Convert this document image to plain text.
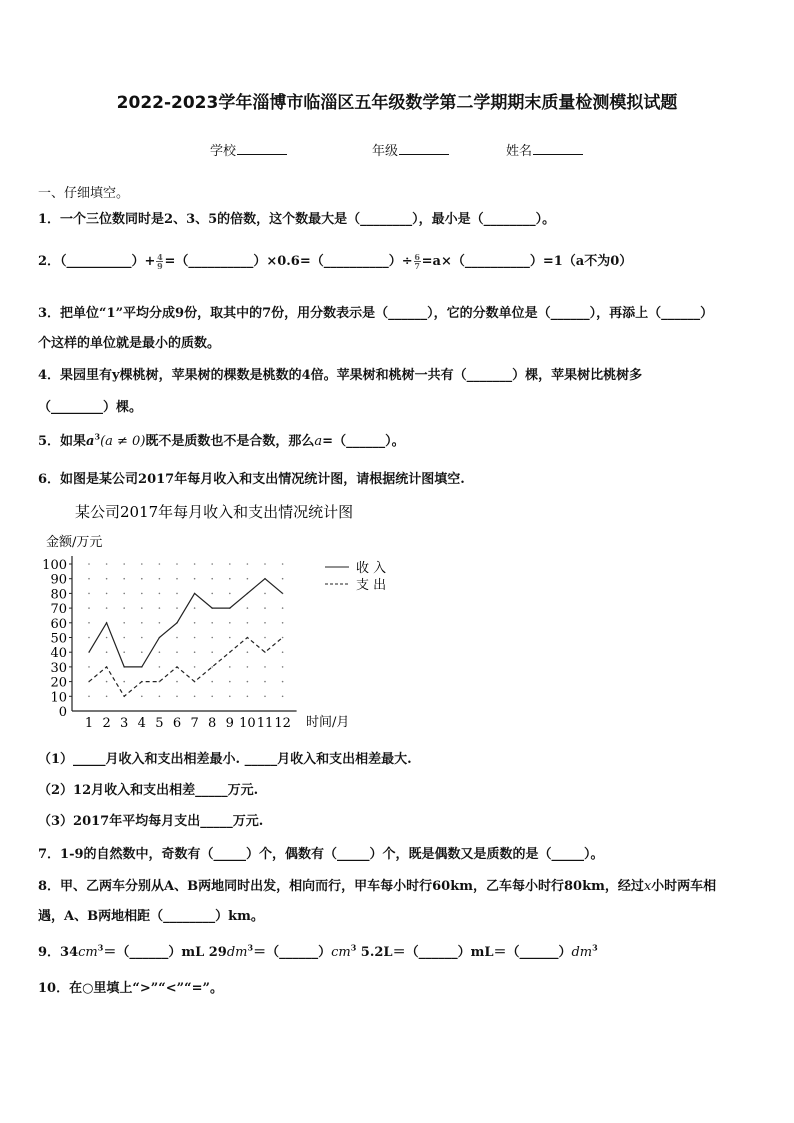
2022-2023学年淄博市临淄区五年级数学第二学期期末质量检测模拟试题
学校	年级	姓名
一、仔细填空。
1．一个三位数同时是2、3、5的倍数，这个数最大是（________），最小是（________）。
2．（__________）+ $\frac{4}{9}$ =（__________）×0.6=（__________）÷ $\frac{6}{7}$ =a×（__________）=1（a不为0）
3．把单位“1”平均分成9份，取其中的7份，用分数表示是（______），它的分数单位是（______），再添上（______）
个这样的单位就是最小的质数。
4．果园里有y棵桃树，苹果树的棵数是桃数的4倍。苹果树和桃树一共有（_______）棵，苹果树比桃树多
（________）棵。
5．如果$a^3(a \ne 0)$既不是质数也不是合数，那么a=（______）。
6．如图是某公司2017年每月收入和支出情况统计图，请根据统计图填空.
某公司2017年每月收入和支出情况统计图
金额/万元
0
10
20
30
40
50
60
70
80
90
100
1 2 3 4 5 6 7 8 9 10 11 12 时间/月
收 入
支 出
（1）_____月收入和支出相差最小. _____月收入和支出相差最大.
（2）12月收入和支出相差_____万元.
（3）2017年平均每月支出_____万元.
7．1-9的自然数中，奇数有（_____）个，偶数有（_____）个，既是偶数又是质数的是（_____）。
8．甲、乙两车分别从A、B两地同时出发，相向而行，甲车每小时行60km，乙车每小时行80km，经过x小时两车相
遇，A、B两地相距（________）km。
9．$34cm^3=(\_\_\_\_\_\_)mL$ $29dm^3=(\_\_\_\_\_\_)cm^3$ $5.2L=(\_\_\_\_\_\_)mL=(\_\_\_\_\_\_)dm^3$
10．在○里填上“>”“<”“=”。
